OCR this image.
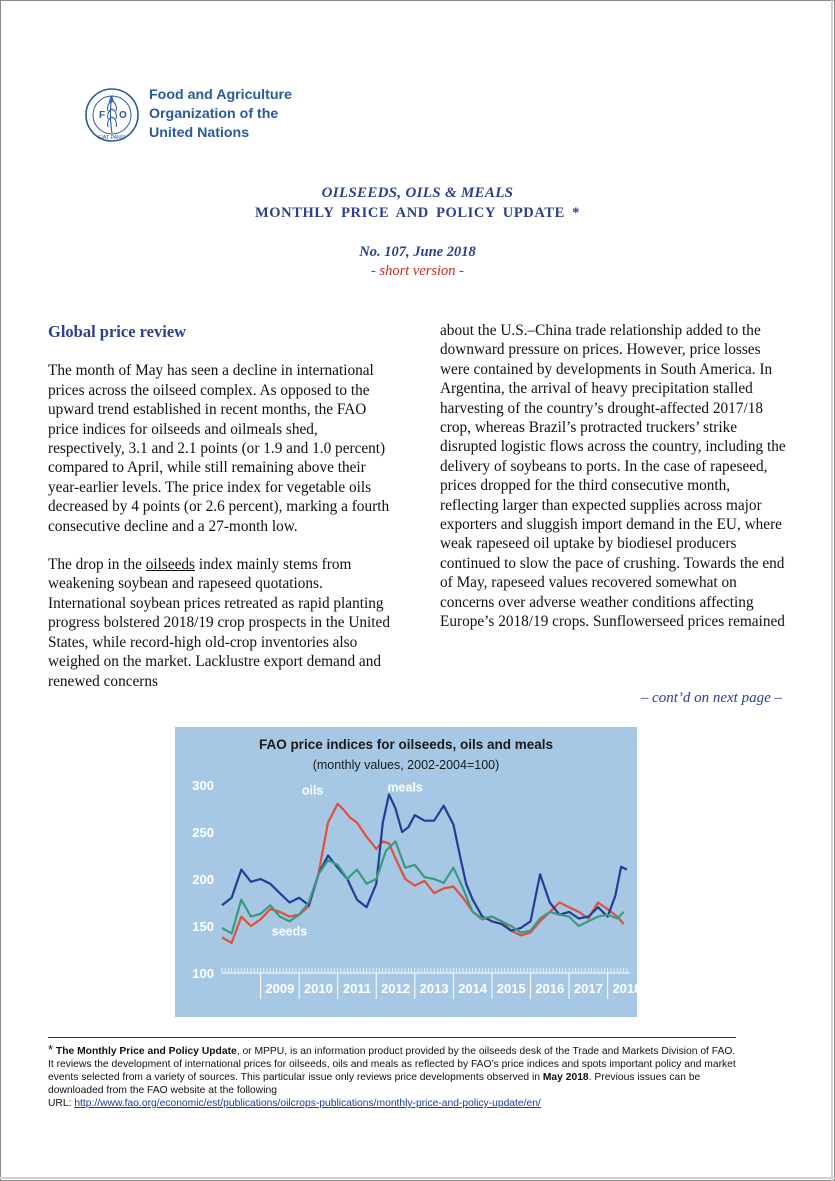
F
A
O
FIAT PANIS
Food and Agriculture
Organization of the
United Nations
OILSEEDS, OILS & MEALS
MONTHLY PRICE AND POLICY UPDATE *
No. 107, June 2018
- short version -

Global price review

The month of May has seen a decline in international prices across the oilseed complex. As opposed to the upward trend established in recent months, the FAO price indices for oilseeds and oilmeals shed, respectively, 3.1 and 2.1 points (or 1.9 and 1.0 percent) compared to April, while still remaining above their year-earlier levels. The price index for vegetable oils decreased by 4 points (or 2.6 percent), marking a fourth consecutive decline and a 27-month low.

The drop in the oilseeds index mainly stems from weakening soybean and rapeseed quotations. International soybean prices retreated as rapid planting progress bolstered 2018/19 crop prospects in the United States, while record-high old-crop inventories also weighed on the market. Lacklustre export demand and renewed concerns

about the U.S.–China trade relationship added to the downward pressure on prices. However, price losses were contained by developments in South America. In Argentina, the arrival of heavy precipitation stalled harvesting of the country’s drought-affected 2017/18 crop, whereas Brazil’s protracted truckers’ strike disrupted logistic flows across the country, including the delivery of soybeans to ports. In the case of rapeseed, prices dropped for the third consecutive month, reflecting larger than expected supplies across major exporters and sluggish import demand in the EU, where weak rapeseed oil uptake by biodiesel producers continued to slow the pace of crushing. Towards the end of May, rapeseed values recovered somewhat on concerns over adverse weather conditions affecting Europe’s 2018/19 crops. Sunflowerseed prices remained

– cont’d on next page –
FAO price indices for oilseeds, oils and meals
(monthly values, 2002-2004=100)
100
150
200
250
300
2009 2010 2011 2012 2013 2014 2015 2016 2017 2018
oils	meals
seeds

* The Monthly Price and Policy Update, or MPPU, is an information product provided by the oilseeds desk of the Trade and Markets Division of FAO. It reviews the development of international prices for oilseeds, oils and meals as reflected by FAO’s price indices and spots important policy and market events selected from a variety of sources. This particular issue only reviews price developments observed in May 2018. Previous issues can be downloaded from the FAO website at the following

URL: http://www.fao.org/economic/est/publications/oilcrops-publications/monthly-price-and-policy-update/en/
